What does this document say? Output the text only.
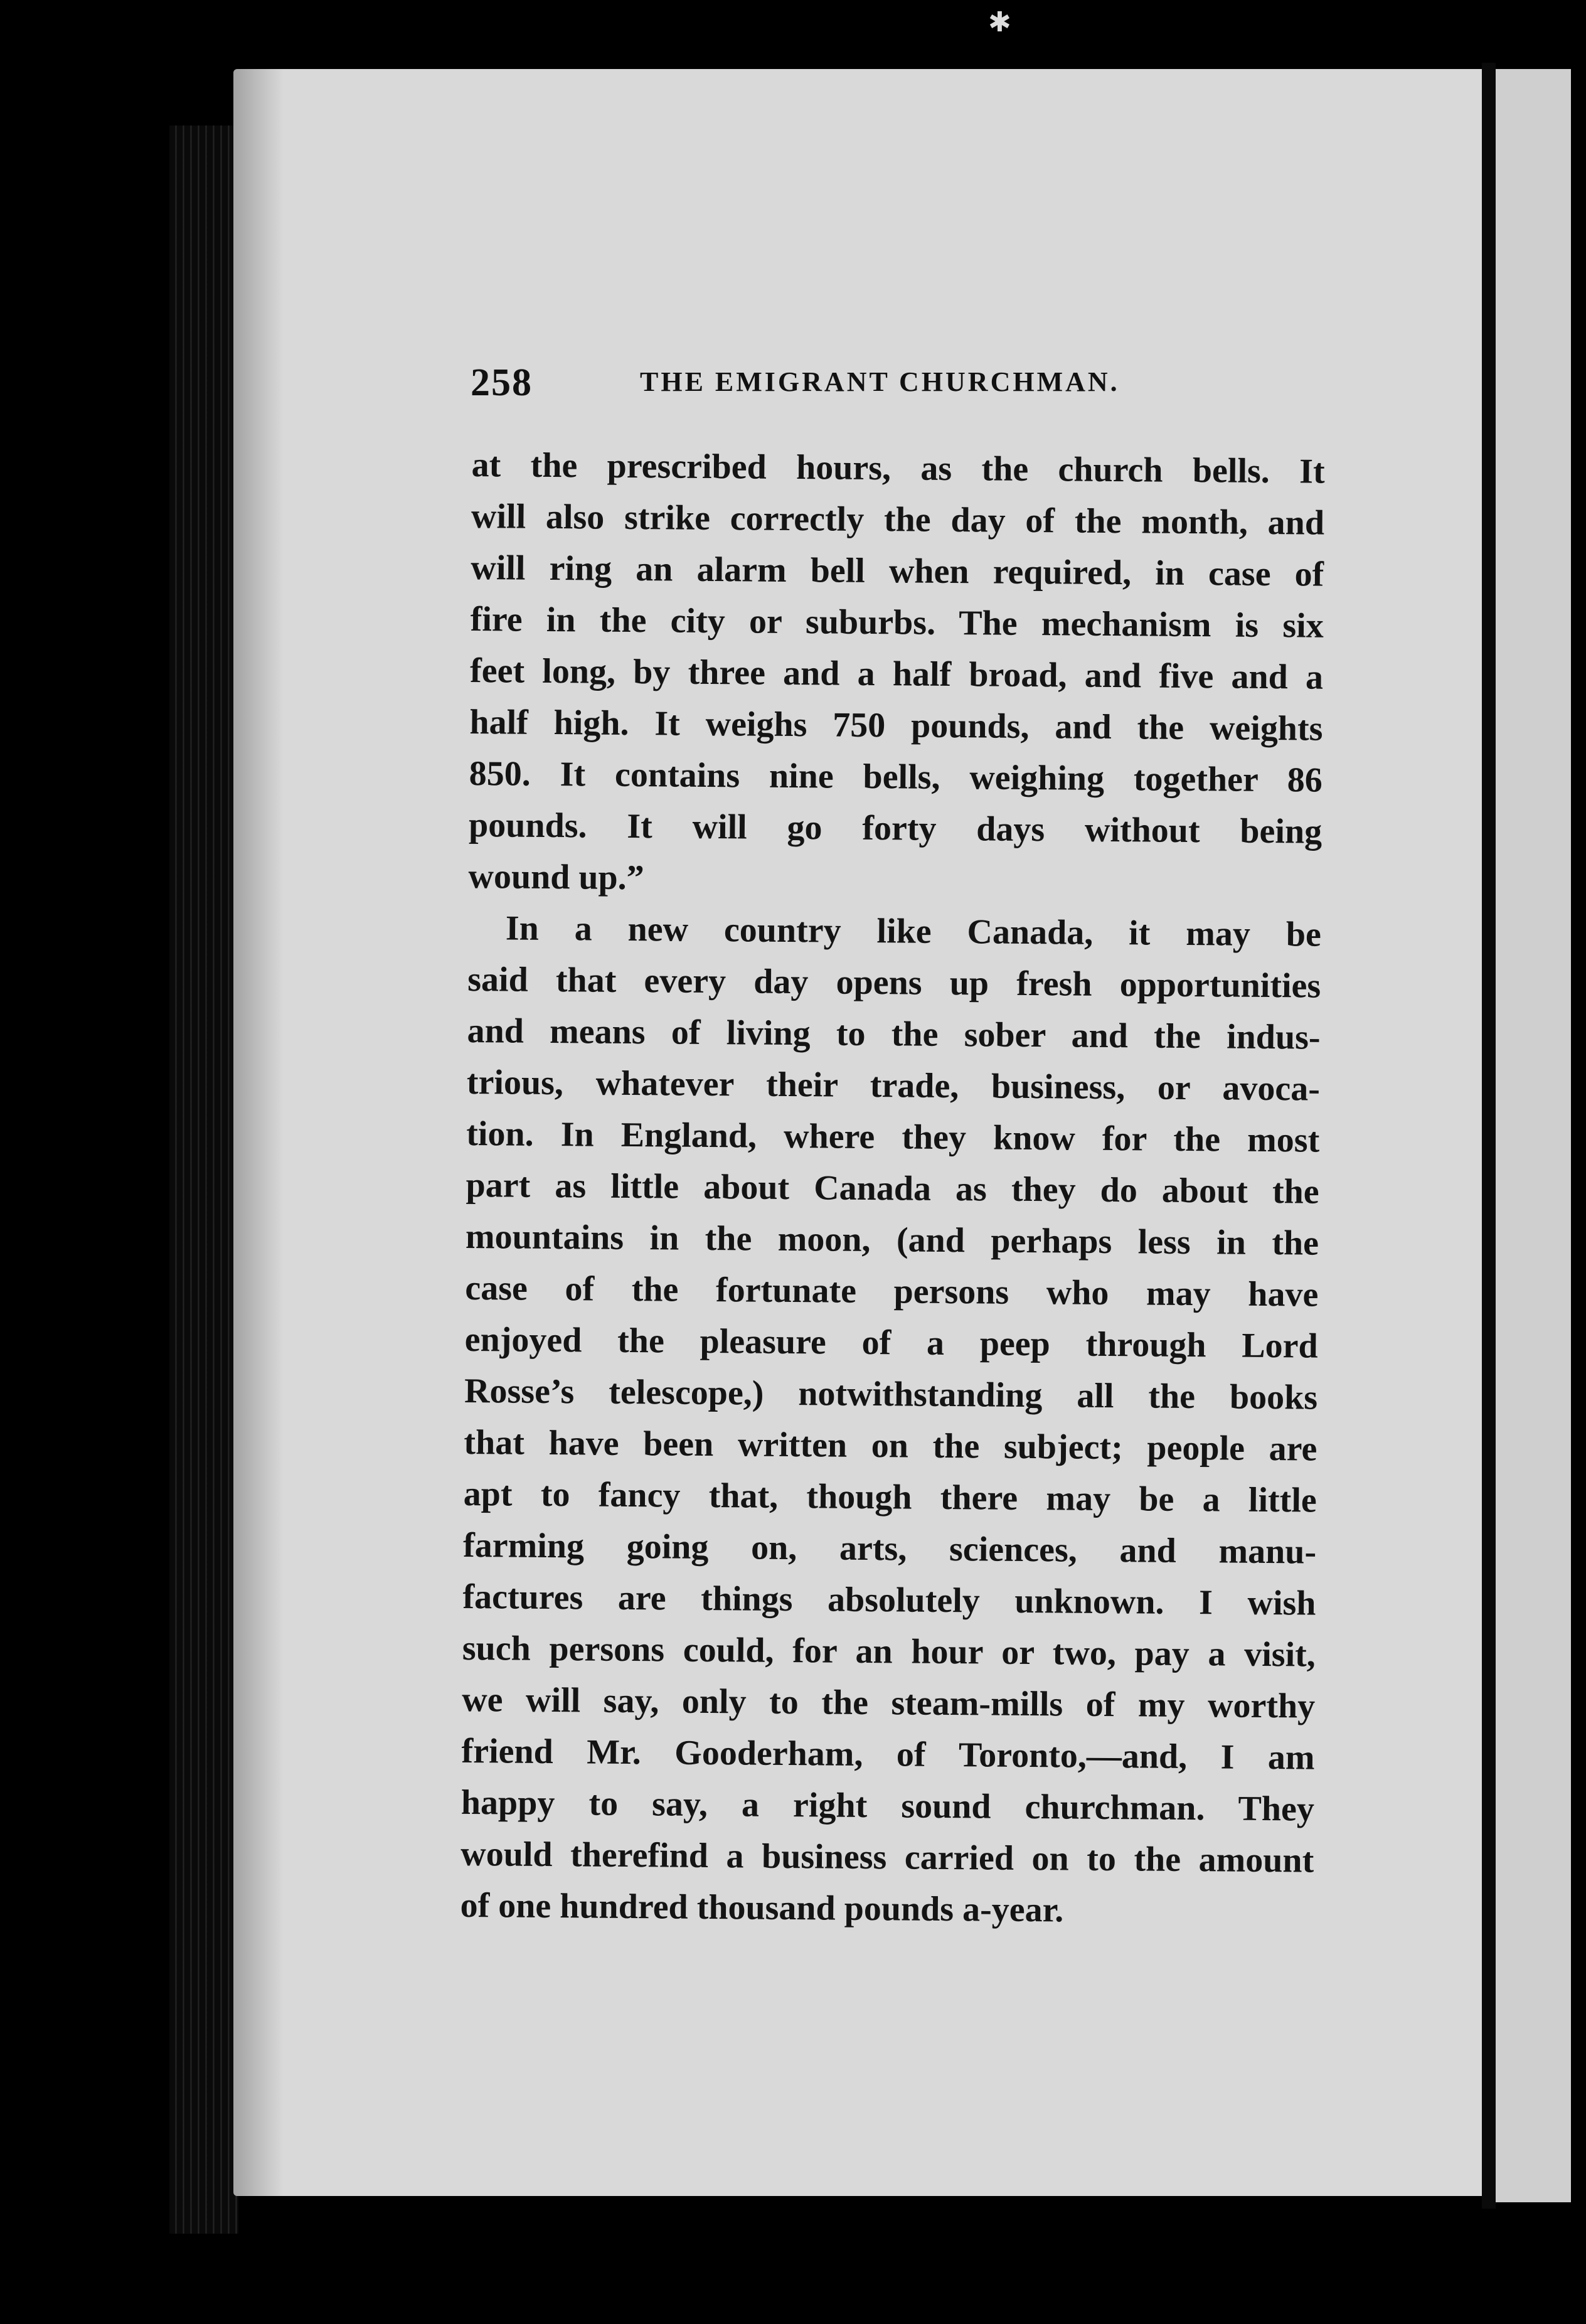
✱
258	THE EMIGRANT CHURCHMAN.
at the prescribed hours, as the church bells. It
will also strike correctly the day of the month, and
will ring an alarm bell when required, in case of
fire in the city or suburbs. The mechanism is six
feet long, by three and a half broad, and five and a
half high. It weighs 750 pounds, and the weights
850. It contains nine bells, weighing together 86
pounds. It will go forty days without being
wound up.”
In a new country like Canada, it may be
said that every day opens up fresh opportunities
and means of living to the sober and the indus-
trious, whatever their trade, business, or avoca-
tion. In England, where they know for the most
part as little about Canada as they do about the
mountains in the moon, (and perhaps less in the
case of the fortunate persons who may have
enjoyed the pleasure of a peep through Lord
Rosse’s telescope,) notwithstanding all the books
that have been written on the subject; people are
apt to fancy that, though there may be a little
farming going on, arts, sciences, and manu-
factures are things absolutely unknown. I wish
such persons could, for an hour or two, pay a visit,
we will say, only to the steam-mills of my worthy
friend Mr. Gooderham, of Toronto,—and, I am
happy to say, a right sound churchman. They
would therefind a business carried on to the amount
of one hundred thousand pounds a-year.
